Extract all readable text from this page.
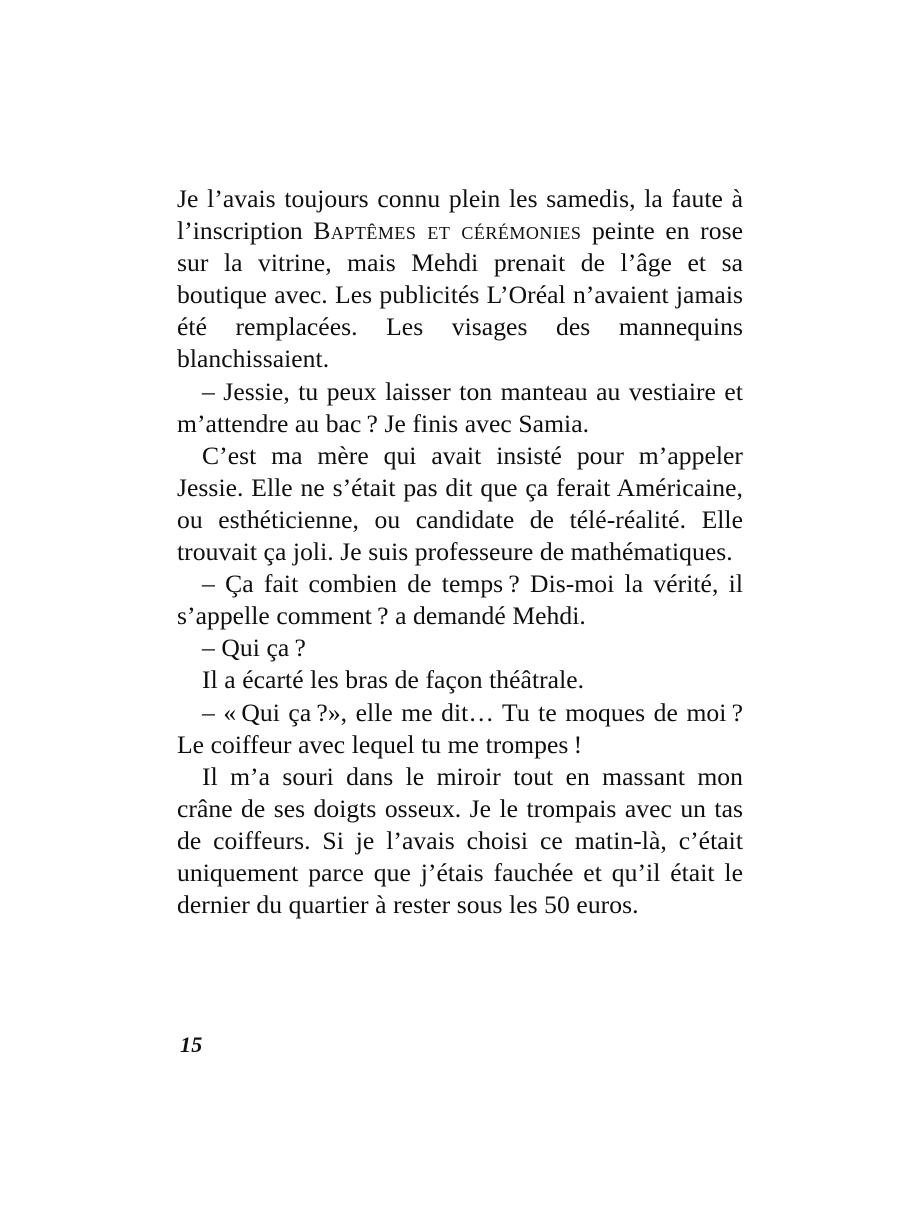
Je l’avais toujours connu plein les samedis, la faute à l’inscription Baptêmes et cérémonies peinte en rose sur la vitrine, mais Mehdi prenait de l’âge et sa boutique avec. Les publicités L’Oréal n’avaient jamais été remplacées. Les visages des mannequins blanchissaient.

– Jessie, tu peux laisser ton manteau au vestiaire et m’attendre au bac ? Je finis avec Samia.

C’est ma mère qui avait insisté pour m’appeler Jessie. Elle ne s’était pas dit que ça ferait Américaine, ou esthéticienne, ou candidate de télé-réalité. Elle trouvait ça joli. Je suis professeure de mathématiques.

– Ça fait combien de temps ? Dis-moi la vérité, il s’appelle comment ? a demandé Mehdi.

– Qui ça ?

Il a écarté les bras de façon théâtrale.

– « Qui ça ?», elle me dit… Tu te moques de moi ? Le coiffeur avec lequel tu me trompes !

Il m’a souri dans le miroir tout en massant mon crâne de ses doigts osseux. Je le trompais avec un tas de coiffeurs. Si je l’avais choisi ce matin-là, c’était uniquement parce que j’étais fauchée et qu’il était le dernier du quartier à rester sous les 50 euros.

15
